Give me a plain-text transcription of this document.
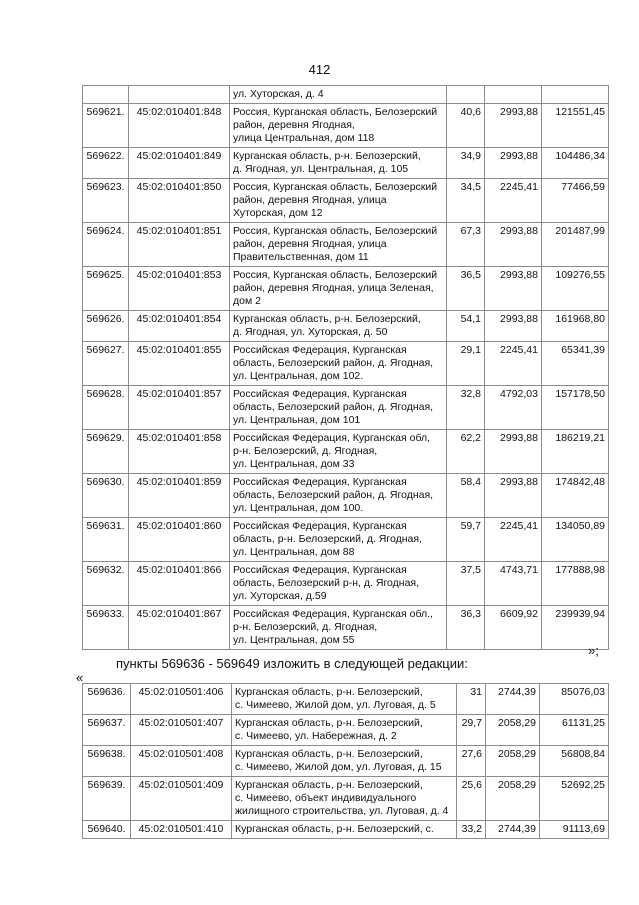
412
		ул. Хуторская, д. 4			
569621.	45:02:010401:848	Россия, Курганская область, Белозерский
район, деревня Ягодная,
улица Центральная, дом 118	40,6	2993,88	121551,45
569622.	45:02:010401:849	Курганская область, р-н. Белозерский,
д. Ягодная, ул. Центральная, д. 105	34,9	2993,88	104486,34
569623.	45:02:010401:850	Россия, Курганская область, Белозерский
район, деревня Ягодная, улица
Хуторская, дом 12	34,5	2245,41	77466,59
569624.	45:02:010401:851	Россия, Курганская область, Белозерский
район, деревня Ягодная, улица
Правительственная, дом 11	67,3	2993,88	201487,99
569625.	45:02:010401:853	Россия, Курганская область, Белозерский
район, деревня Ягодная, улица Зеленая,
дом 2	36,5	2993,88	109276,55
569626.	45:02:010401:854	Курганская область, р-н. Белозерский,
д. Ягодная, ул. Хуторская, д. 50	54,1	2993,88	161968,80
569627.	45:02:010401:855	Российская Федерация, Курганская
область, Белозерский район, д. Ягодная,
ул. Центральная, дом 102.	29,1	2245,41	65341,39
569628.	45:02:010401:857	Российская Федерация, Курганская
область, Белозерский район, д. Ягодная,
ул. Центральная, дом 101	32,8	4792,03	157178,50
569629.	45:02:010401:858	Российская Федерация, Курганская обл,
р-н. Белозерский, д. Ягодная,
ул. Центральная, дом 33	62,2	2993,88	186219,21
569630.	45:02:010401:859	Российская Федерация, Курганская
область, Белозерский район, д. Ягодная,
ул. Центральная, дом 100.	58,4	2993,88	174842,48
569631.	45:02:010401:860	Российская Федерация, Курганская
область, р-н. Белозерский, д. Ягодная,
ул. Центральная, дом 88	59,7	2245,41	134050,89
569632.	45:02:010401:866	Российская Федерация, Курганская
область, Белозерский р-н, д. Ягодная,
ул. Хуторская, д.59	37,5	4743,71	177888,98
569633.	45:02:010401:867	Российская Федерация, Курганская обл.,
р-н. Белозерский, д. Ягодная,
ул. Центральная, дом 55	36,3	6609,92	239939,94
»;
пункты 569636 - 569649 изложить в следующей редакции:
«
569636.	45:02:010501:406	Курганская область, р-н. Белозерский,
с. Чимеево, Жилой дом, ул. Луговая, д. 5	31	2744,39	85076,03
569637.	45:02:010501:407	Курганская область, р-н. Белозерский,
с. Чимеево, ул. Набережная, д. 2	29,7	2058,29	61131,25
569638.	45:02:010501:408	Курганская область, р-н. Белозерский,
с. Чимеево, Жилой дом, ул. Луговая, д. 15	27,6	2058,29	56808,84
569639.	45:02:010501:409	Курганская область, р-н. Белозерский,
с. Чимеево, объект индивидуального
жилищного строительства, ул. Луговая, д. 4	25,6	2058,29	52692,25
569640.	45:02:010501:410	Курганская область, р-н. Белозерский, с.	33,2	2744,39	91113,69
